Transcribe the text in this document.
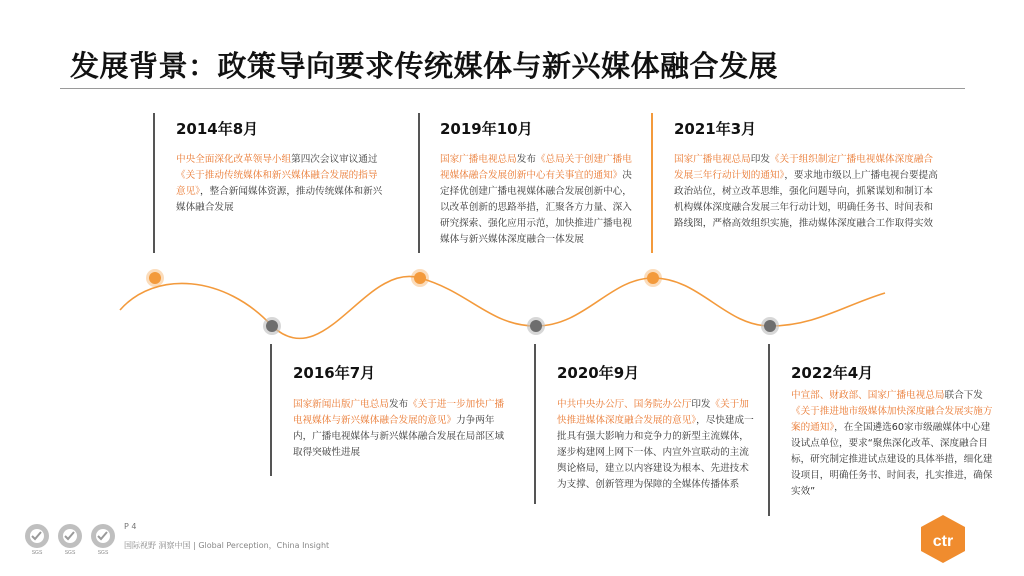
发展背景：政策导向要求传统媒体与新兴媒体融合发展
2014年8月
中央全面深化改革领导小组第四次会议审议通过《关于推动传统媒体和新兴媒体融合发展的指导意见》，整合新闻媒体资源，推动传统媒体和新兴媒体融合发展
2016年7月
国家新闻出版广电总局发布《关于进一步加快广播电视媒体与新兴媒体融合发展的意见》力争两年内，广播电视媒体与新兴媒体融合发展在局部区域取得突破性进展
2019年10月
国家广播电视总局发布《总局关于创建广播电视媒体融合发展创新中心有关事宜的通知》决定择优创建广播电视媒体融合发展创新中心，以改革创新的思路举措，汇聚各方力量、深入研究探索、强化应用示范，加快推进广播电视媒体与新兴媒体深度融合一体发展
2020年9月
中共中央办公厅、国务院办公厅印发《关于加快推进媒体深度融合发展的意见》，尽快建成一批具有强大影响力和竞争力的新型主流媒体，逐步构建网上网下一体、内宣外宣联动的主流舆论格局，建立以内容建设为根本、先进技术为支撑、创新管理为保障的全媒体传播体系
2021年3月
国家广播电视总局印发《关于组织制定广播电视媒体深度融合发展三年行动计划的通知》，要求地市级以上广播电视台要提高政治站位，树立改革思维，强化问题导向，抓紧谋划和制订本机构媒体深度融合发展三年行动计划，明确任务书、时间表和路线图，严格高效组织实施，推动媒体深度融合工作取得实效
2022年4月
中宣部、财政部、国家广播电视总局联合下发《关于推进地市级媒体加快深度融合发展实施方案的通知》，在全国遴选60家市级融媒体中心建设试点单位，要求“聚焦深化改革、深度融合目标，研究制定推进试点建设的具体举措，细化建设项目，明确任务书、时间表，扎实推进，确保实效”
SGS	SGS	SGS
P 4
国际视野 洞察中国 | Global Perception，China Insight	ctr
